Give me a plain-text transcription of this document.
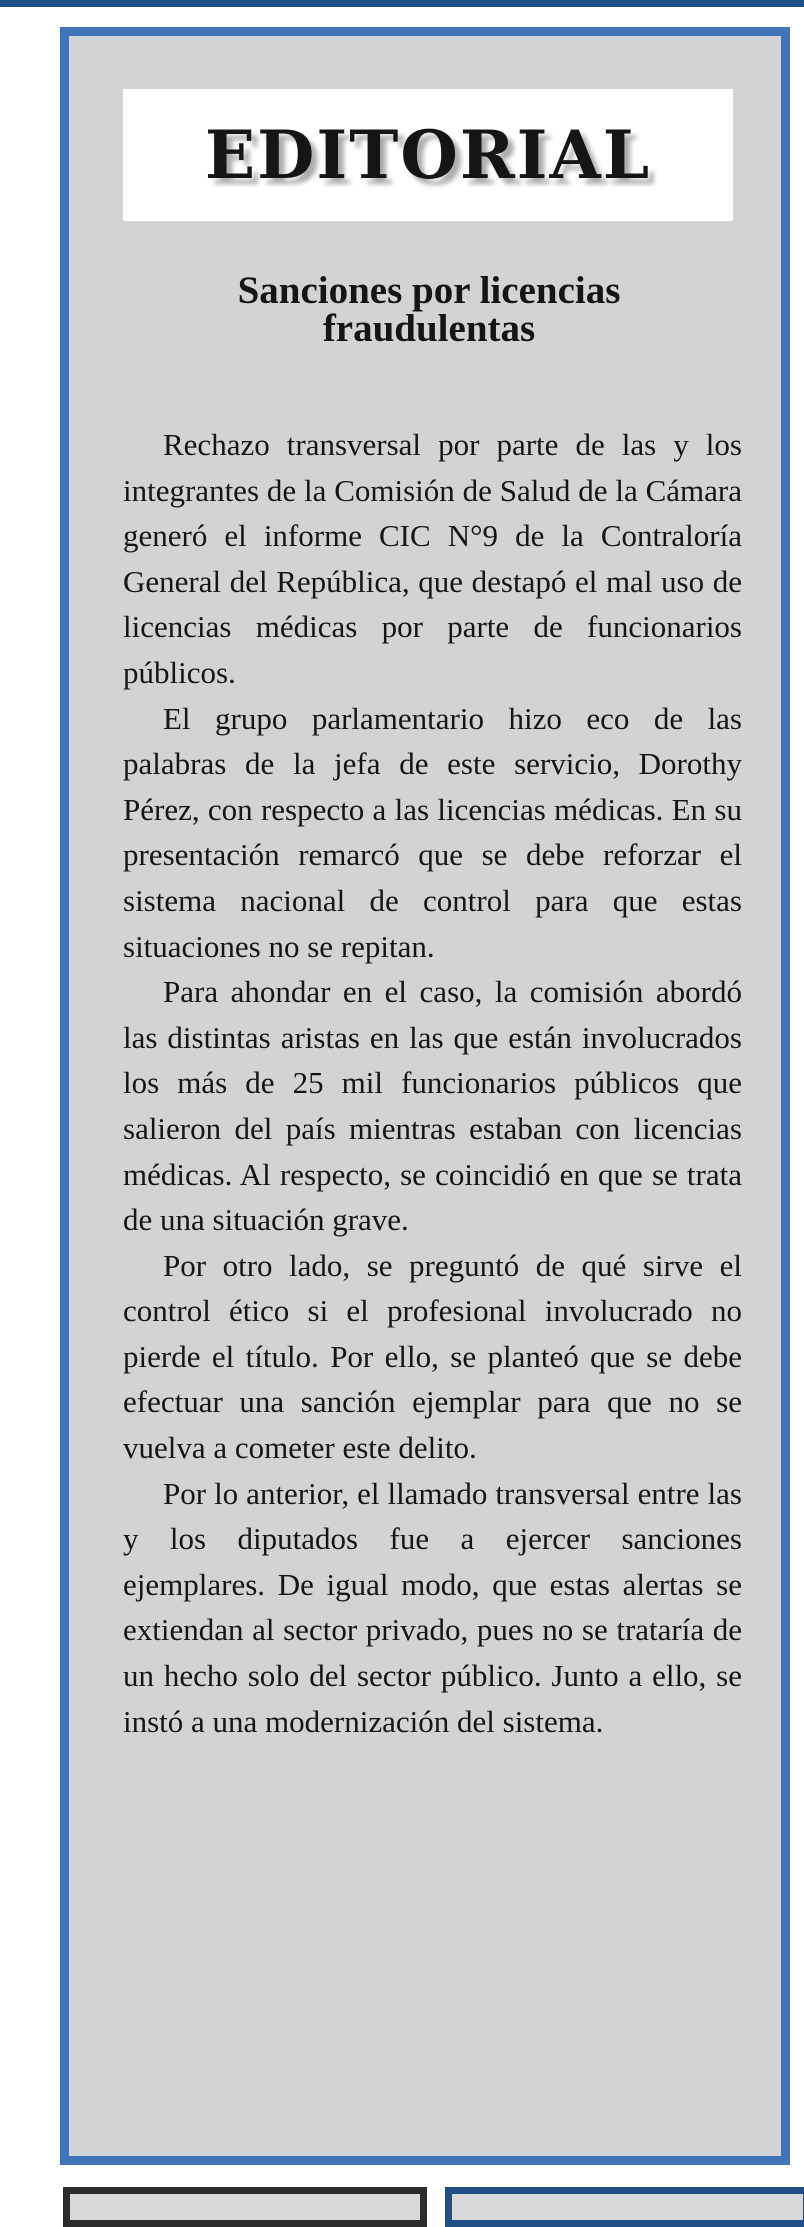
EDITORIAL
Sanciones por licencias
fraudulentas

Rechazo transversal por parte de las y los integrantes de la Comisión de Salud de la Cámara generó el informe CIC N°9 de la Contraloría General del República, que destapó el mal uso de licencias médicas por parte de funcionarios públicos.

El grupo parlamentario hizo eco de las palabras de la jefa de este servicio, Dorothy Pérez, con respecto a las licencias médicas. En su presentación remarcó que se debe reforzar el sistema nacional de control para que estas situaciones no se repitan.

Para ahondar en el caso, la comisión abordó las distintas aristas en las que están involucrados los más de 25 mil funcionarios públicos que salieron del país mientras estaban con licencias médicas. Al respecto, se coincidió en que se trata de una situación grave.

Por otro lado, se preguntó de qué sirve el control ético si el profesional involucrado no pierde el título. Por ello, se planteó que se debe efectuar una sanción ejemplar para que no se vuelva a cometer este delito.

Por lo anterior, el llamado transversal entre las y los diputados fue a ejercer sanciones ejemplares. De igual modo, que estas alertas se extiendan al sector privado, pues no se trataría de un hecho solo del sector público. Junto a ello, se instó a una modernización del sistema.
